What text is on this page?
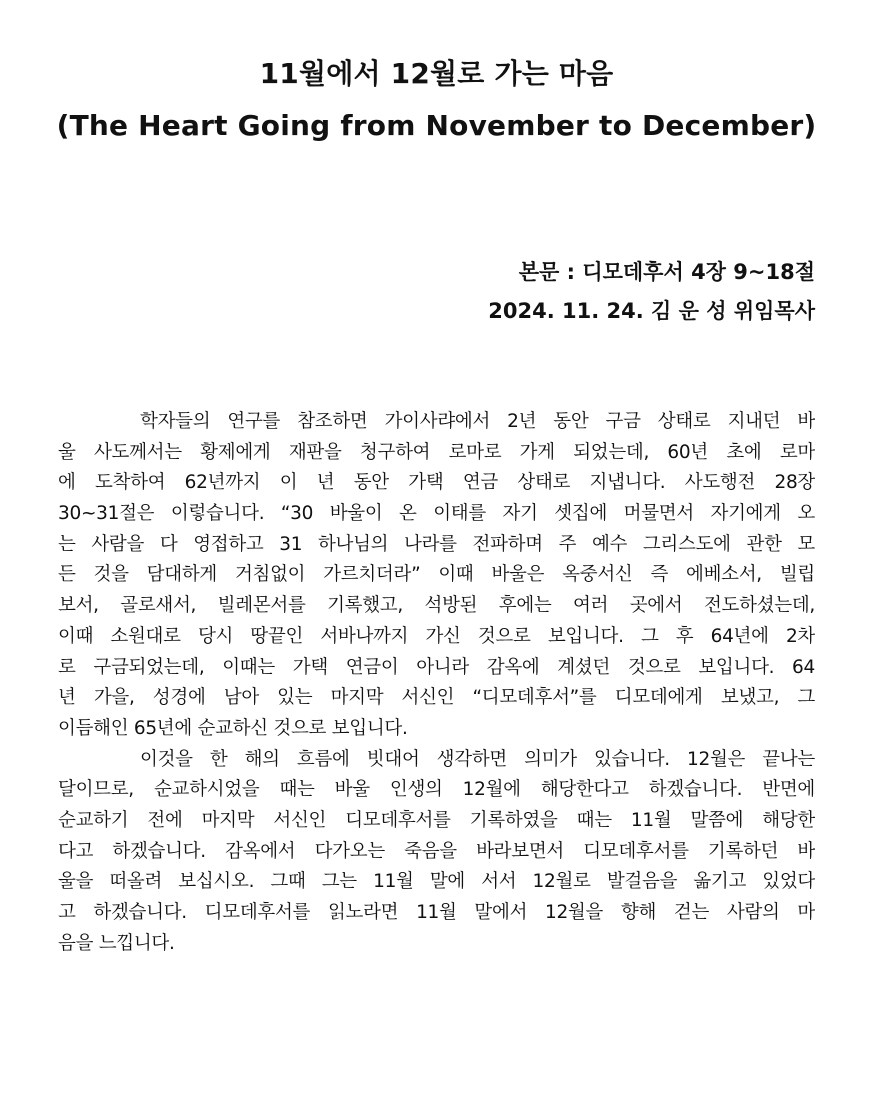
11월에서 12월로 가는 마음
(The Heart Going from November to December)
본문 : 디모데후서 4장 9~18절
2024. 11. 24. 김 운 성 위임목사
학자들의 연구를 참조하면 가이사랴에서 2년 동안 구금 상태로 지내던 바
울 사도께서는 황제에게 재판을 청구하여 로마로 가게 되었는데, 60년 초에 로마
에 도착하여 62년까지 이 년 동안 가택 연금 상태로 지냅니다. 사도행전 28장
30~31절은 이렇습니다. “30 바울이 온 이태를 자기 셋집에 머물면서 자기에게 오
는 사람을 다 영접하고 31 하나님의 나라를 전파하며 주 예수 그리스도에 관한 모
든 것을 담대하게 거침없이 가르치더라” 이때 바울은 옥중서신 즉 에베소서, 빌립
보서, 골로새서, 빌레몬서를 기록했고, 석방된 후에는 여러 곳에서 전도하셨는데,
이때 소원대로 당시 땅끝인 서바나까지 가신 것으로 보입니다. 그 후 64년에 2차
로 구금되었는데, 이때는 가택 연금이 아니라 감옥에 계셨던 것으로 보입니다. 64
년 가을, 성경에 남아 있는 마지막 서신인 “디모데후서”를 디모데에게 보냈고, 그
이듬해인 65년에 순교하신 것으로 보입니다.
이것을 한 해의 흐름에 빗대어 생각하면 의미가 있습니다. 12월은 끝나는
달이므로, 순교하시었을 때는 바울 인생의 12월에 해당한다고 하겠습니다. 반면에
순교하기 전에 마지막 서신인 디모데후서를 기록하였을 때는 11월 말쯤에 해당한
다고 하겠습니다. 감옥에서 다가오는 죽음을 바라보면서 디모데후서를 기록하던 바
울을 떠올려 보십시오. 그때 그는 11월 말에 서서 12월로 발걸음을 옮기고 있었다
고 하겠습니다. 디모데후서를 읽노라면 11월 말에서 12월을 향해 걷는 사람의 마
음을 느낍니다.
